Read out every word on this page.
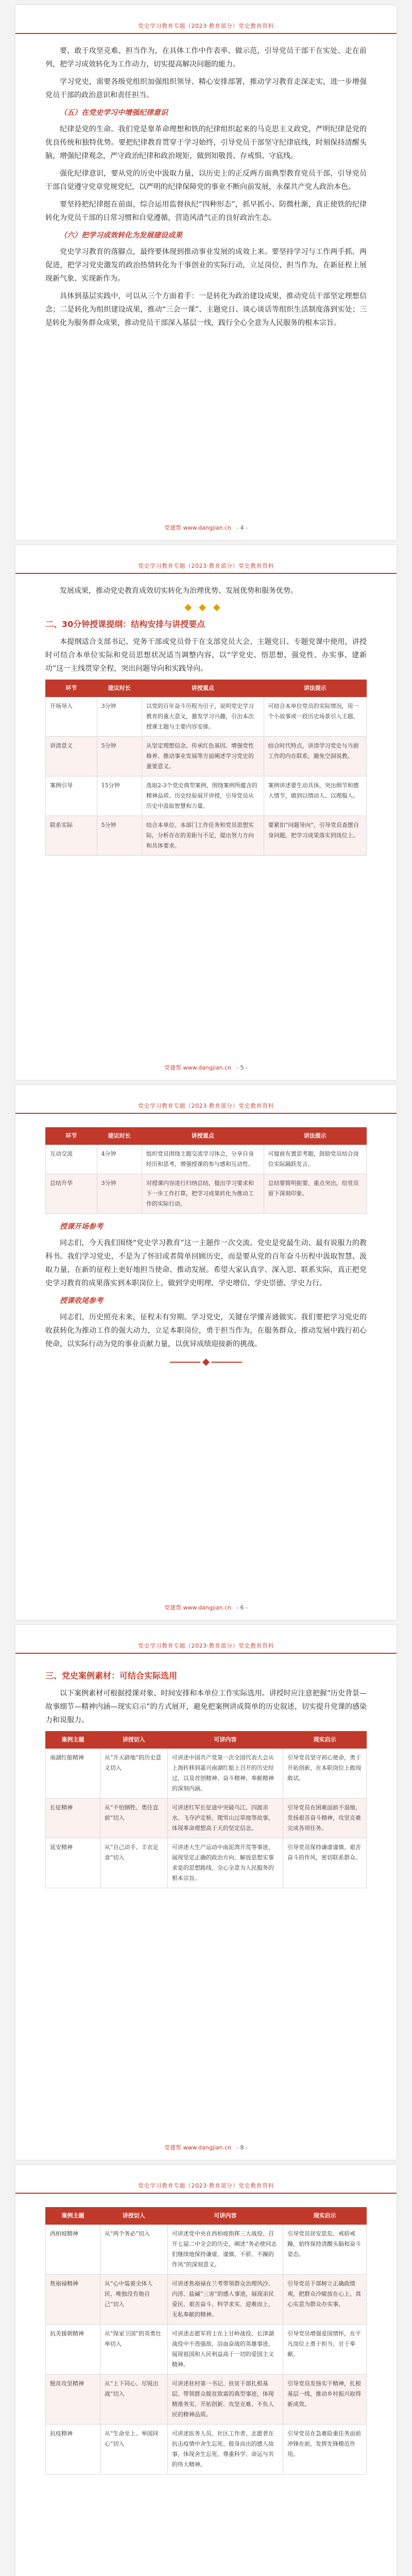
党史学习教育专题（2023·教育部分）党史教育资料

要，敢于攻坚克难、担当作为，在具体工作中作表率、做示范，引导党员干部干在实处、走在前列，把学习成效转化为工作动力，切实提高解决问题的能力。

学习党史，需要各级党组织加强组织领导、精心安排部署，推动学习教育走深走实，进一步增强党员干部的政治意识和责任担当。

（五）在党史学习中增强纪律意识

纪律是党的生命。我们党是靠革命理想和铁的纪律组织起来的马克思主义政党，严明纪律是党的优良传统和独特优势。要把纪律教育贯穿于学习始终，引导党员干部坚守纪律底线，时刻保持清醒头脑，增强纪律观念，严守政治纪律和政治规矩，做到知敬畏、存戒惧、守底线。

强化纪律意识，要从党的历史中汲取力量，以历史上的正反两方面典型教育党员干部，引导党员干部自觉遵守党章党规党纪，以严明的纪律保障党的事业不断向前发展，永葆共产党人政治本色。

要坚持把纪律挺在前面，综合运用监督执纪“四种形态”，抓早抓小、防微杜渐，真正使铁的纪律转化为党员干部的日常习惯和自觉遵循，营造风清气正的良好政治生态。

（六）把学习成效转化为发展建设成果

党史学习教育的落脚点，最终要体现到推动事业发展的成效上来。要坚持学习与工作两手抓、两促进，把学习党史激发的政治热情转化为干事创业的实际行动，立足岗位、担当作为，在新征程上展现新气象、实现新作为。

具体到基层实践中，可以从三个方面着手：一是转化为政治建设成果，推动党员干部坚定理想信念；二是转化为组织建设成果，推动“三会一课”、主题党日、谈心谈话等组织生活制度落到实处；三是转化为服务群众成果，推动党员干部深入基层一线，践行全心全意为人民服务的根本宗旨。

党建帮 www.dangjian.cn - 4 -
党史学习教育专题（2023·教育部分）党史教育资料

发展成果，推动党史教育成效切实转化为治理优势、发展优势和服务优势。

◆◆◆
二、30分钟授课提纲：结构安排与讲授要点

本提纲适合支部书记、党务干部或党员骨干在支部党员大会、主题党日、专题党课中使用，讲授时可结合本单位实际和党员思想状况适当调整内容，以“学党史、悟思想、强党性、办实事、建新功”这一主线贯穿全程，突出问题导向和实践导向。

环节	建议时长	讲授重点	讲法提示
开场导入	3分钟	以党的百年奋斗历程为引子，说明党史学习教育的重大意义，激发学习兴趣，引出本次授课主题与主要内容安排。	可结合本单位党员的实际情况，用一个小故事或一段历史场景引入主题。
讲清意义	5分钟	从坚定理想信念、传承红色基因、增强党性修养、推动事业发展等方面阐述学习党史的重要意义。	结合时代特点，讲清学习党史与当前工作的内在联系，避免空洞说教。
案例引导	15分钟	选取2-3个党史典型案例，围绕案例所蕴含的精神品质、历史经验展开讲授，引导党员从历史中汲取智慧和力量。	案例讲述要生动具体，突出细节和感人情节，做到以情动人、以理服人。
联系实际	5分钟	结合本单位、本部门工作任务和党员思想实际，分析存在的差距与不足，提出努力方向和具体要求。	要紧扣“问题导向”，引导党员查摆自身问题，把学习成果落实到岗位上。
党建帮 www.dangjian.cn - 5 -
党史学习教育专题（2023·教育部分）党史教育资料
环节	建议时长	讲授重点	讲法提示
互动交流	4分钟	组织党员围绕主题交流学习体会，分享自身经历和思考，增强授课的参与感和互动性。	可提前布置思考题，鼓励党员结合岗位实际踊跃发言。
总结升华	3分钟	对授课内容进行归纳总结，提出学习要求和下一步工作打算，把学习成果转化为推动工作的实际行动。	总结要简明扼要、重点突出，给党员留下深刻印象。
授课开场参考

同志们，今天我们围绕“党史学习教育”这一主题作一次交流。党史是党最生动、最有说服力的教科书。我们学习党史，不是为了怀旧或者简单回顾历史，而是要从党的百年奋斗历程中汲取智慧、汲取力量，在新的征程上更好地担当使命、推动发展。希望大家认真学、深入思、联系实际，真正把党史学习教育的成果落实到本职岗位上，做到学史明理、学史增信、学史崇德、学史力行。

授课收尾参考

同志们，历史照亮未来，征程未有穷期。学习党史，关键在学懂弄通做实。我们要把学习党史的收获转化为推动工作的强大动力，立足本职岗位，勇于担当作为，在服务群众、推动发展中践行初心使命，以实际行动为党的事业贡献力量，以优异成绩迎接新的挑战。

党建帮 www.dangjian.cn - 6 -
党史学习教育专题（2023·教育部分）党史教育资料
三、党史案例素材：可结合实际选用

以下案例素材可根据授课对象、时间安排和本单位工作实际选用。讲授时应注意把握“历史背景—故事细节—精神内涵—现实启示”的方式展开，避免把案例讲成简单的历史叙述，切实提升党课的感染力和说服力。

案例主题	讲授切入	可讲内容	现实启示
南湖红船精神	从“开天辟地”的历史意义切入	可讲述中国共产党第一次全国代表大会从上海转移到嘉兴南湖红船上召开的历史经过，以及首创精神、奋斗精神、奉献精神的深刻内涵。	引导党员坚守初心使命，勇于开拓创新，在本职岗位上敢闯敢试。
长征精神	从“不怕牺牲、勇往直前”切入	可讲述红军长征途中突破乌江、四渡赤水、飞夺泸定桥、爬雪山过草地等故事，体现革命理想高于天的坚定信念。	引导党员在困难面前不退缩，发扬艰苦奋斗精神，攻坚克难完成各项任务。
延安精神	从“自己动手、丰衣足食”切入	可讲述大生产运动中南泥湾开荒等事迹，展现坚定正确的政治方向、解放思想实事求是的思想路线、全心全意为人民服务的根本宗旨。	引导党员保持谦虚谨慎、艰苦奋斗的作风，密切联系群众。
党建帮 www.dangjian.cn - 8 -
党史学习教育专题（2023·教育部分）党史教育资料
案例主题	讲授切入	可讲内容	现实启示
西柏坡精神	从“两个务必”切入	可讲述党中央在西柏坡指挥三大战役、召开七届二中全会的历史，阐述“务必使同志们继续地保持谦虚、谨慎、不骄、不躁的作风”的深刻意义。	引导党员居安思危、戒骄戒躁，始终保持清醒头脑和奋斗姿态。
焦裕禄精神	从“心中装着全体人民、唯独没有他自己”切入	可讲述焦裕禄在兰考带领群众治理风沙、内涝、盐碱“三害”的感人事迹，展现亲民爱民、艰苦奋斗、科学求实、迎难而上、无私奉献的精神。	引导党员干部树立正确政绩观，把群众冷暖放在心上，真心实意为群众办实事。
抗美援朝精神	从“保家卫国”的英勇壮举切入	可讲述志愿军将士在上甘岭战役、长津湖战役中不畏强敌、浴血奋战的英雄事迹，展现祖国和人民利益高于一切的爱国主义精神。	引导党员增强爱国情怀，在平凡岗位上勇于担当、甘于奉献。
脱贫攻坚精神	从“上下同心、尽锐出战”切入	可讲述驻村第一书记、扶贫干部扎根基层、带领群众脱贫致富的典型事迹，体现精准务实、开拓创新、攻坚克难、不负人民的精神品质。	引导党员发扬实干精神，扎根基层一线，推动乡村振兴取得新成效。
抗疫精神	从“生命至上、举国同心”切入	可讲述医务人员、社区工作者、志愿者在抗击疫情中舍生忘死、挺身而出的感人故事，体现舍生忘死、尊重科学、命运与共的伟大精神。	引导党员在急难险重任务面前冲锋在前，发挥先锋模范作用。
